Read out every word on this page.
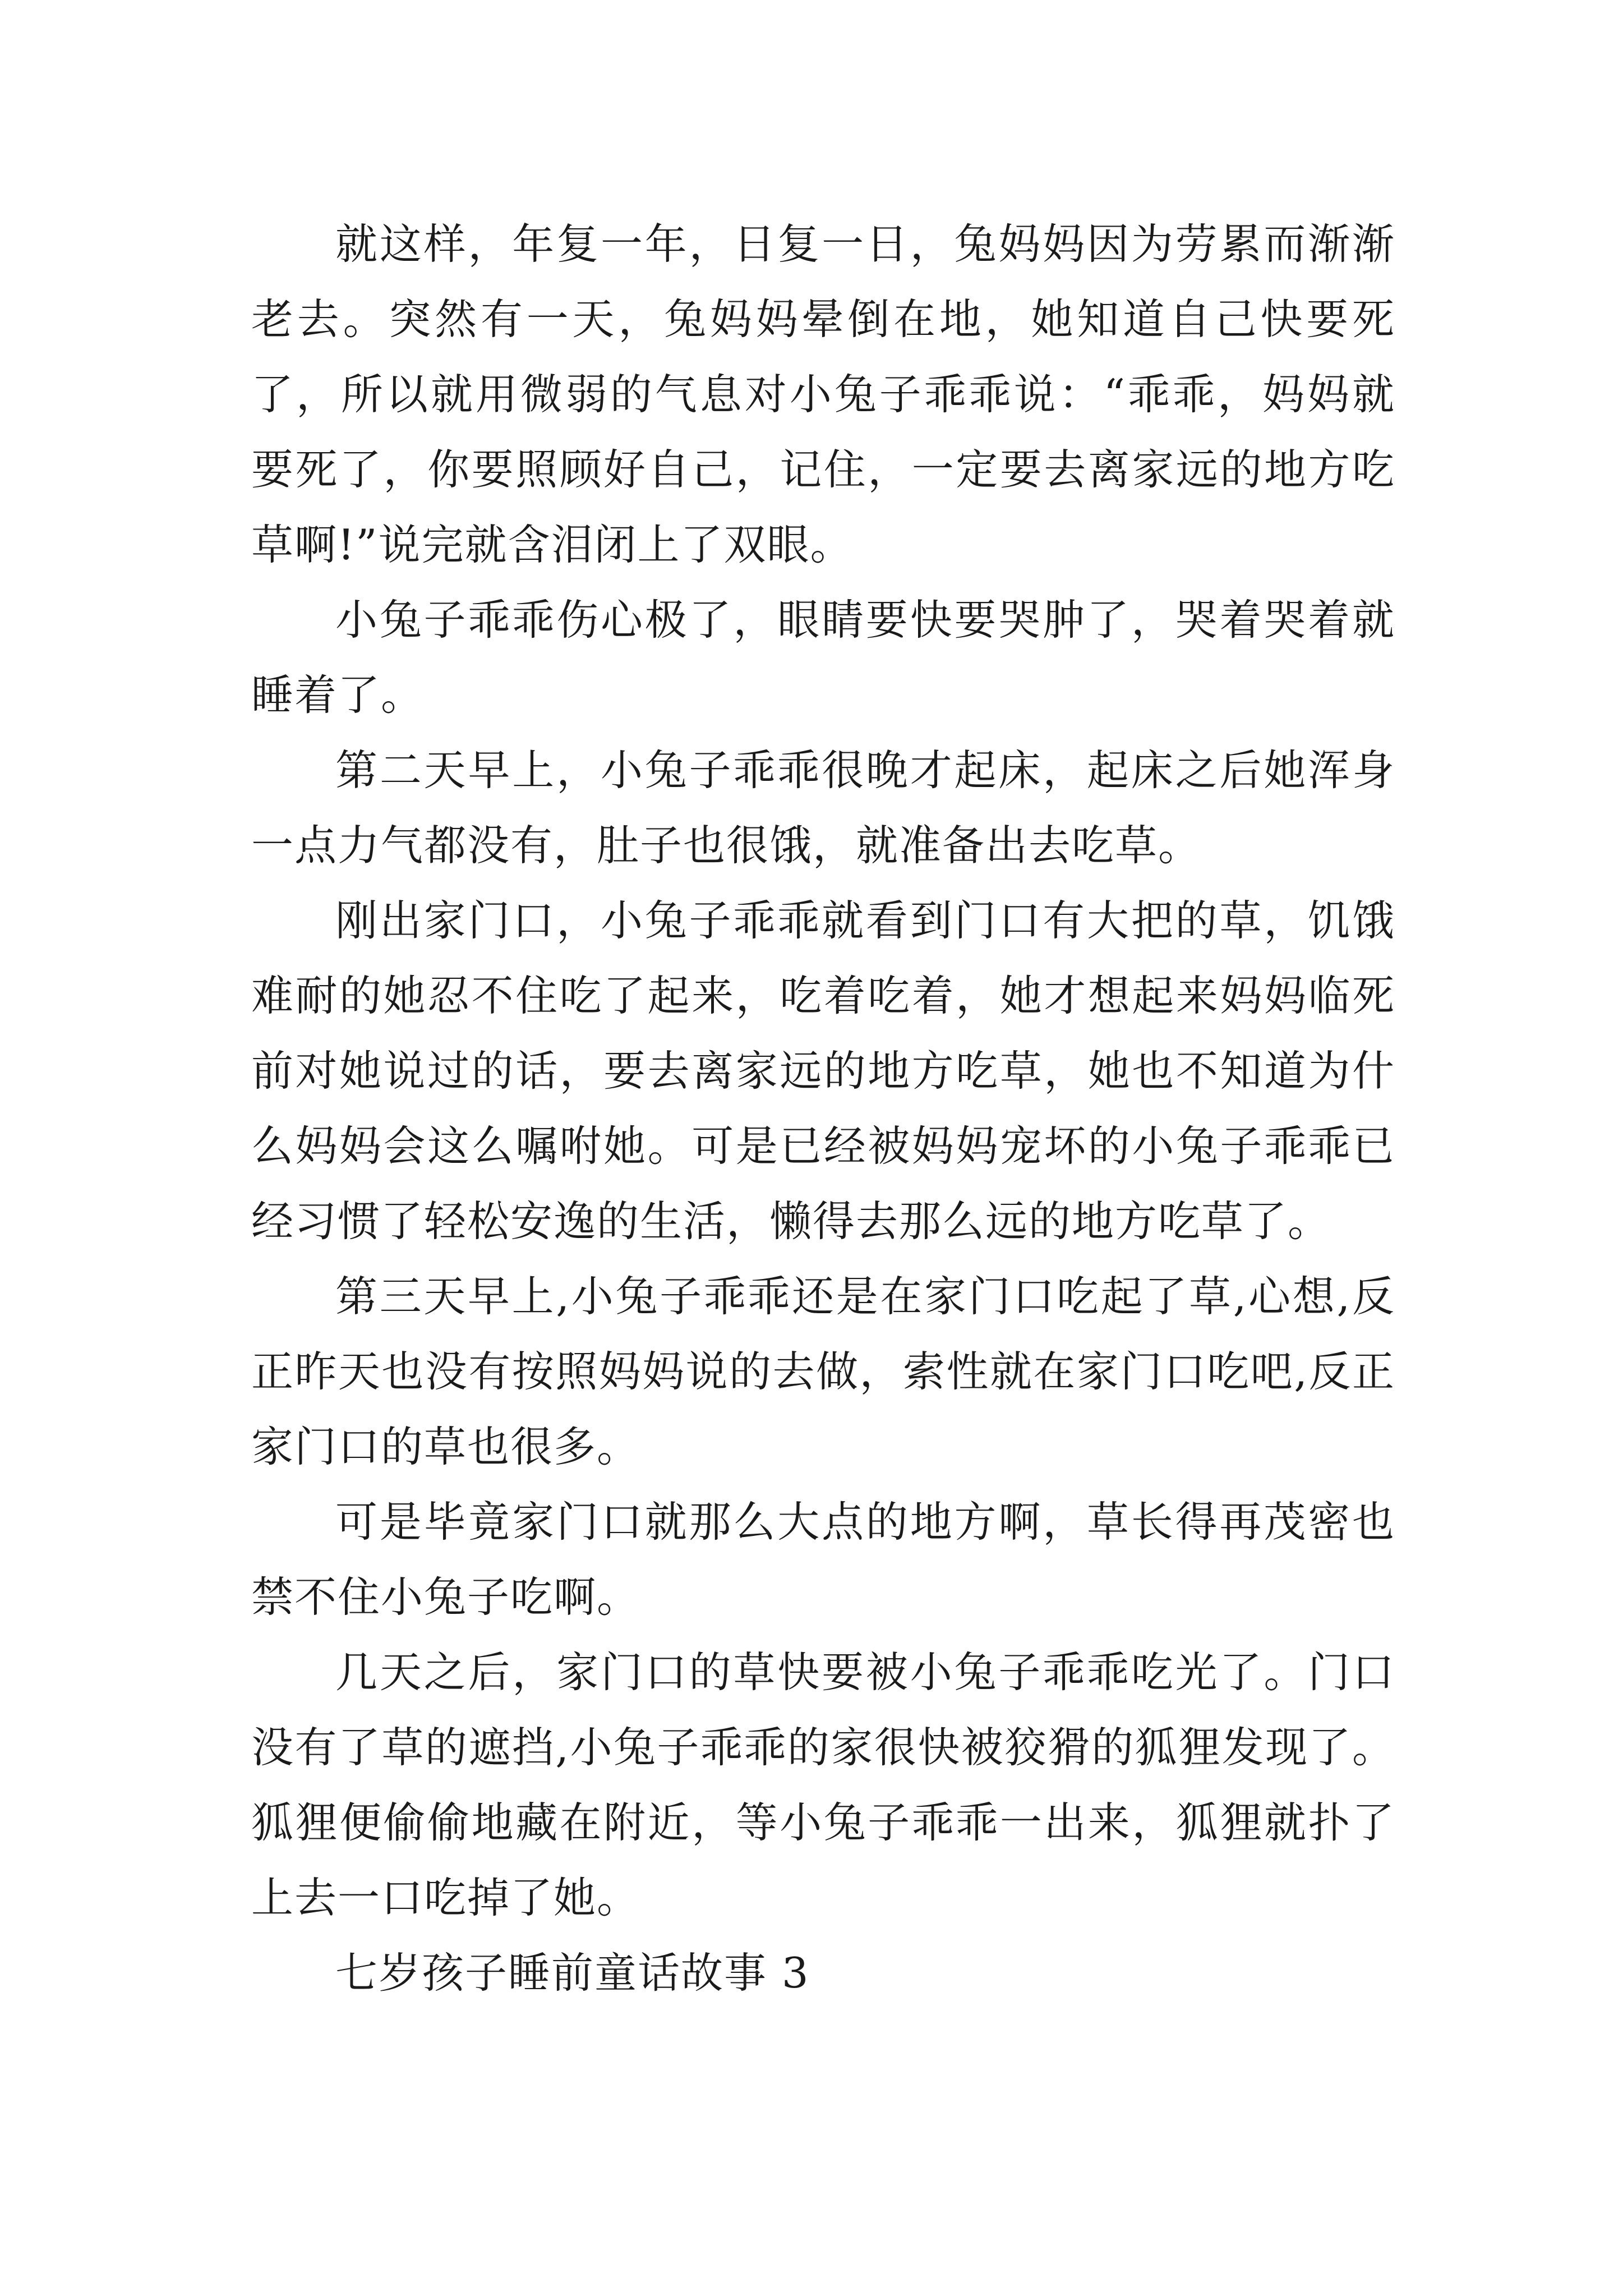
就这样，年复一年，日复一日，兔妈妈因为劳累而渐渐老去。突然有一天，兔妈妈晕倒在地，她知道自己快要死了，所以就用微弱的气息对小兔子乖乖说：“乖乖，妈妈就要死了，你要照顾好自己，记住，一定要去离家远的地方吃草啊!”说完就含泪闭上了双眼。

小兔子乖乖伤心极了，眼睛要快要哭肿了，哭着哭着就睡着了。

第二天早上，小兔子乖乖很晚才起床，起床之后她浑身一点力气都没有，肚子也很饿，就准备出去吃草。

刚出家门口，小兔子乖乖就看到门口有大把的草，饥饿难耐的她忍不住吃了起来，吃着吃着，她才想起来妈妈临死前对她说过的话，要去离家远的地方吃草，她也不知道为什么妈妈会这么嘱咐她。可是已经被妈妈宠坏的小兔子乖乖已经习惯了轻松安逸的生活，懒得去那么远的地方吃草了。

第三天早上,小兔子乖乖还是在家门口吃起了草,心想,反正昨天也没有按照妈妈说的去做，索性就在家门口吃吧,反正家门口的草也很多。

可是毕竟家门口就那么大点的地方啊，草长得再茂密也禁不住小兔子吃啊。

几天之后，家门口的草快要被小兔子乖乖吃光了。门口没有了草的遮挡,小兔子乖乖的家很快被狡猾的狐狸发现了。狐狸便偷偷地藏在附近，等小兔子乖乖一出来，狐狸就扑了上去一口吃掉了她。

七岁孩子睡前童话故事 3
